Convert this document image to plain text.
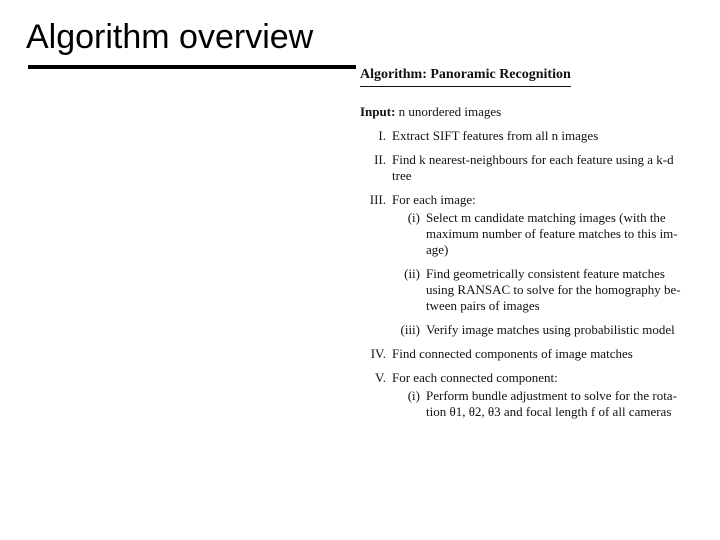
Algorithm overview
Algorithm: Panoramic Recognition
Input: n unordered images
I. Extract SIFT features from all n images
II. Find k nearest-neighbours for each feature using a k-d
tree
III. For each image:
(i) Select m candidate matching images (with the
maximum number of feature matches to this im-
age)
(ii) Find geometrically consistent feature matches
using RANSAC to solve for the homography be-
tween pairs of images
(iii) Verify image matches using probabilistic model
IV. Find connected components of image matches
V. For each connected component:
(i) Perform bundle adjustment to solve for the rota-
tion θ1, θ2, θ3 and focal length f of all cameras
